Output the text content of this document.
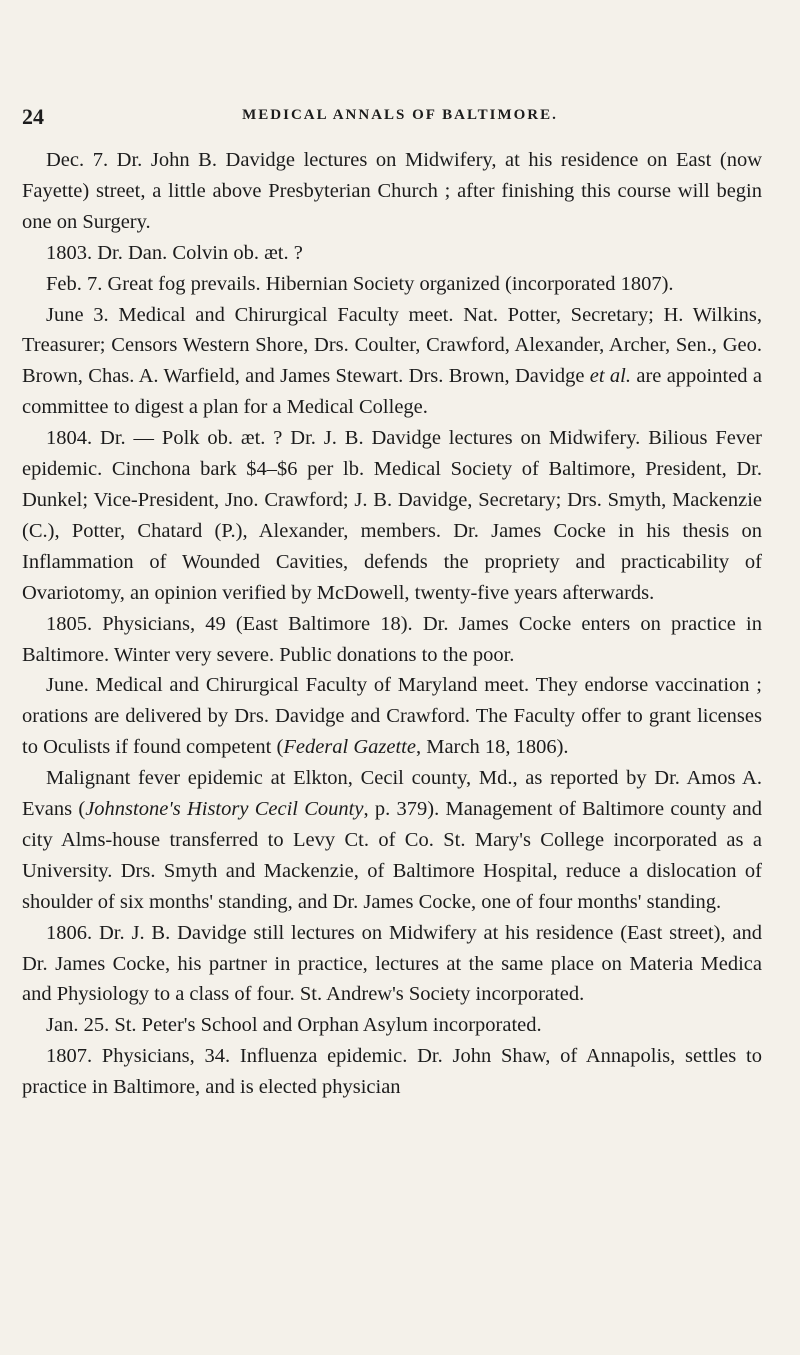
24	MEDICAL ANNALS OF BALTIMORE.

Dec. 7. Dr. John B. Davidge lectures on Midwifery, at his residence on East (now Fayette) street, a little above Presbyterian Church ; after finishing this course will begin one on Surgery.

1803. Dr. Dan. Colvin ob. æt. ?

Feb. 7. Great fog prevails. Hibernian Society organized (incorporated 1807).

June 3. Medical and Chirurgical Faculty meet. Nat. Potter, Secretary; H. Wilkins, Treasurer; Censors Western Shore, Drs. Coulter, Crawford, Alexander, Archer, Sen., Geo. Brown, Chas. A. Warfield, and James Stewart. Drs. Brown, Davidge et al. are appointed a committee to digest a plan for a Medical College.

1804. Dr. — Polk ob. æt. ? Dr. J. B. Davidge lectures on Midwifery. Bilious Fever epidemic. Cinchona bark $4–$6 per lb. Medical Society of Baltimore, President, Dr. Dunkel; Vice-President, Jno. Crawford; J. B. Davidge, Secretary; Drs. Smyth, Mackenzie (C.), Potter, Chatard (P.), Alexander, members. Dr. James Cocke in his thesis on Inflammation of Wounded Cavities, defends the propriety and practicability of Ovariotomy, an opinion verified by McDowell, twenty-five years afterwards.

1805. Physicians, 49 (East Baltimore 18). Dr. James Cocke enters on practice in Baltimore. Winter very severe. Public donations to the poor.

June. Medical and Chirurgical Faculty of Maryland meet. They endorse vaccination ; orations are delivered by Drs. Davidge and Crawford. The Faculty offer to grant licenses to Oculists if found competent (Federal Gazette, March 18, 1806).

Malignant fever epidemic at Elkton, Cecil county, Md., as reported by Dr. Amos A. Evans (Johnstone's History Cecil County, p. 379). Management of Baltimore county and city Alms-house transferred to Levy Ct. of Co. St. Mary's College incorporated as a University. Drs. Smyth and Mackenzie, of Baltimore Hospital, reduce a dislocation of shoulder of six months' standing, and Dr. James Cocke, one of four months' standing.

1806. Dr. J. B. Davidge still lectures on Midwifery at his residence (East street), and Dr. James Cocke, his partner in practice, lectures at the same place on Materia Medica and Physiology to a class of four. St. Andrew's Society incorporated.

Jan. 25. St. Peter's School and Orphan Asylum incorporated.

1807. Physicians, 34. Influenza epidemic. Dr. John Shaw, of Annapolis, settles to practice in Baltimore, and is elected physician
